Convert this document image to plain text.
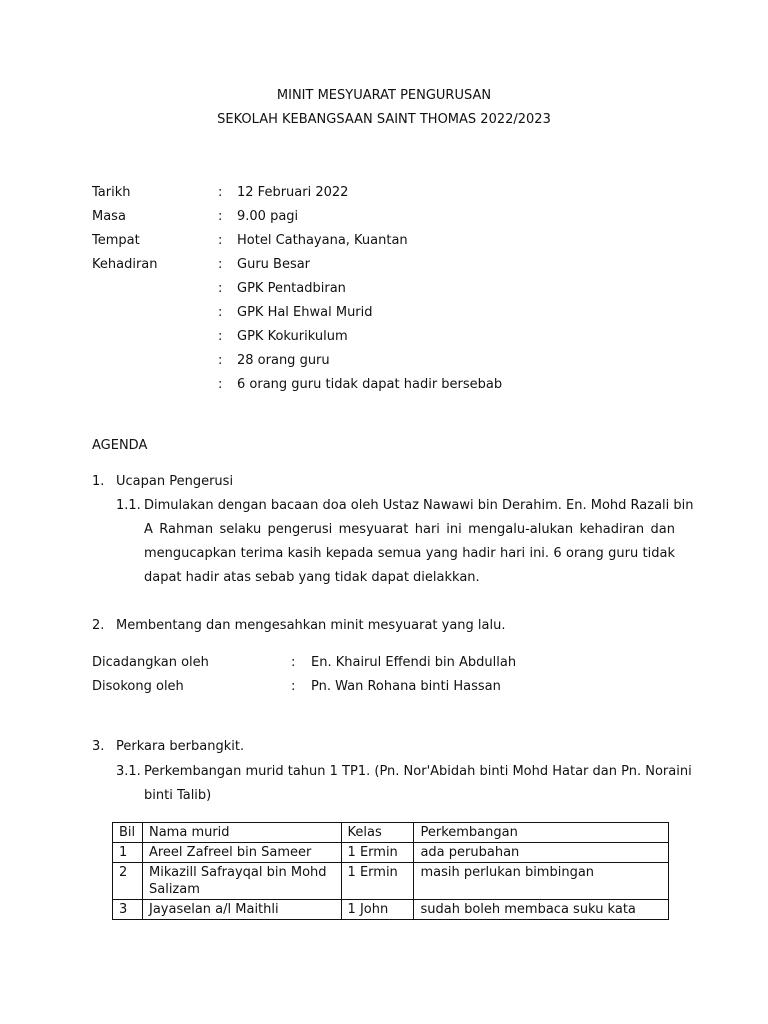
MINIT MESYUARAT PENGURUSAN
SEKOLAH KEBANGSAAN SAINT THOMAS 2022/2023
Tarikh	: 12 Februari 2022
Masa	: 9.00 pagi
Tempat	: Hotel Cathayana, Kuantan
Kehadiran	: Guru Besar
: GPK Pentadbiran
: GPK Hal Ehwal Murid
: GPK Kokurikulum
: 28 orang guru
: 6 orang guru tidak dapat hadir bersebab
AGENDA
1. Ucapan Pengerusi
1.1. Dimulakan dengan bacaan doa oleh Ustaz Nawawi bin Derahim. En. Mohd Razali bin
A Rahman selaku pengerusi mesyuarat hari ini mengalu-alukan kehadiran dan
mengucapkan terima kasih kepada semua yang hadir hari ini. 6 orang guru tidak
dapat hadir atas sebab yang tidak dapat dielakkan.
2. Membentang dan mengesahkan minit mesyuarat yang lalu.
Dicadangkan oleh	: En. Khairul Effendi bin Abdullah
Disokong oleh	: Pn. Wan Rohana binti Hassan
3. Perkara berbangkit.
3.1. Perkembangan murid tahun 1 TP1. (Pn. Nor'Abidah binti Mohd Hatar dan Pn. Noraini
binti Talib)
Bil	Nama murid	Kelas	Perkembangan
1	Areel Zafreel bin Sameer	1 Ermin	ada perubahan
2	Mikazill Safrayqal bin Mohd Salizam	1 Ermin	masih perlukan bimbingan
3	Jayaselan a/l Maithli	1 John	sudah boleh membaca suku kata
